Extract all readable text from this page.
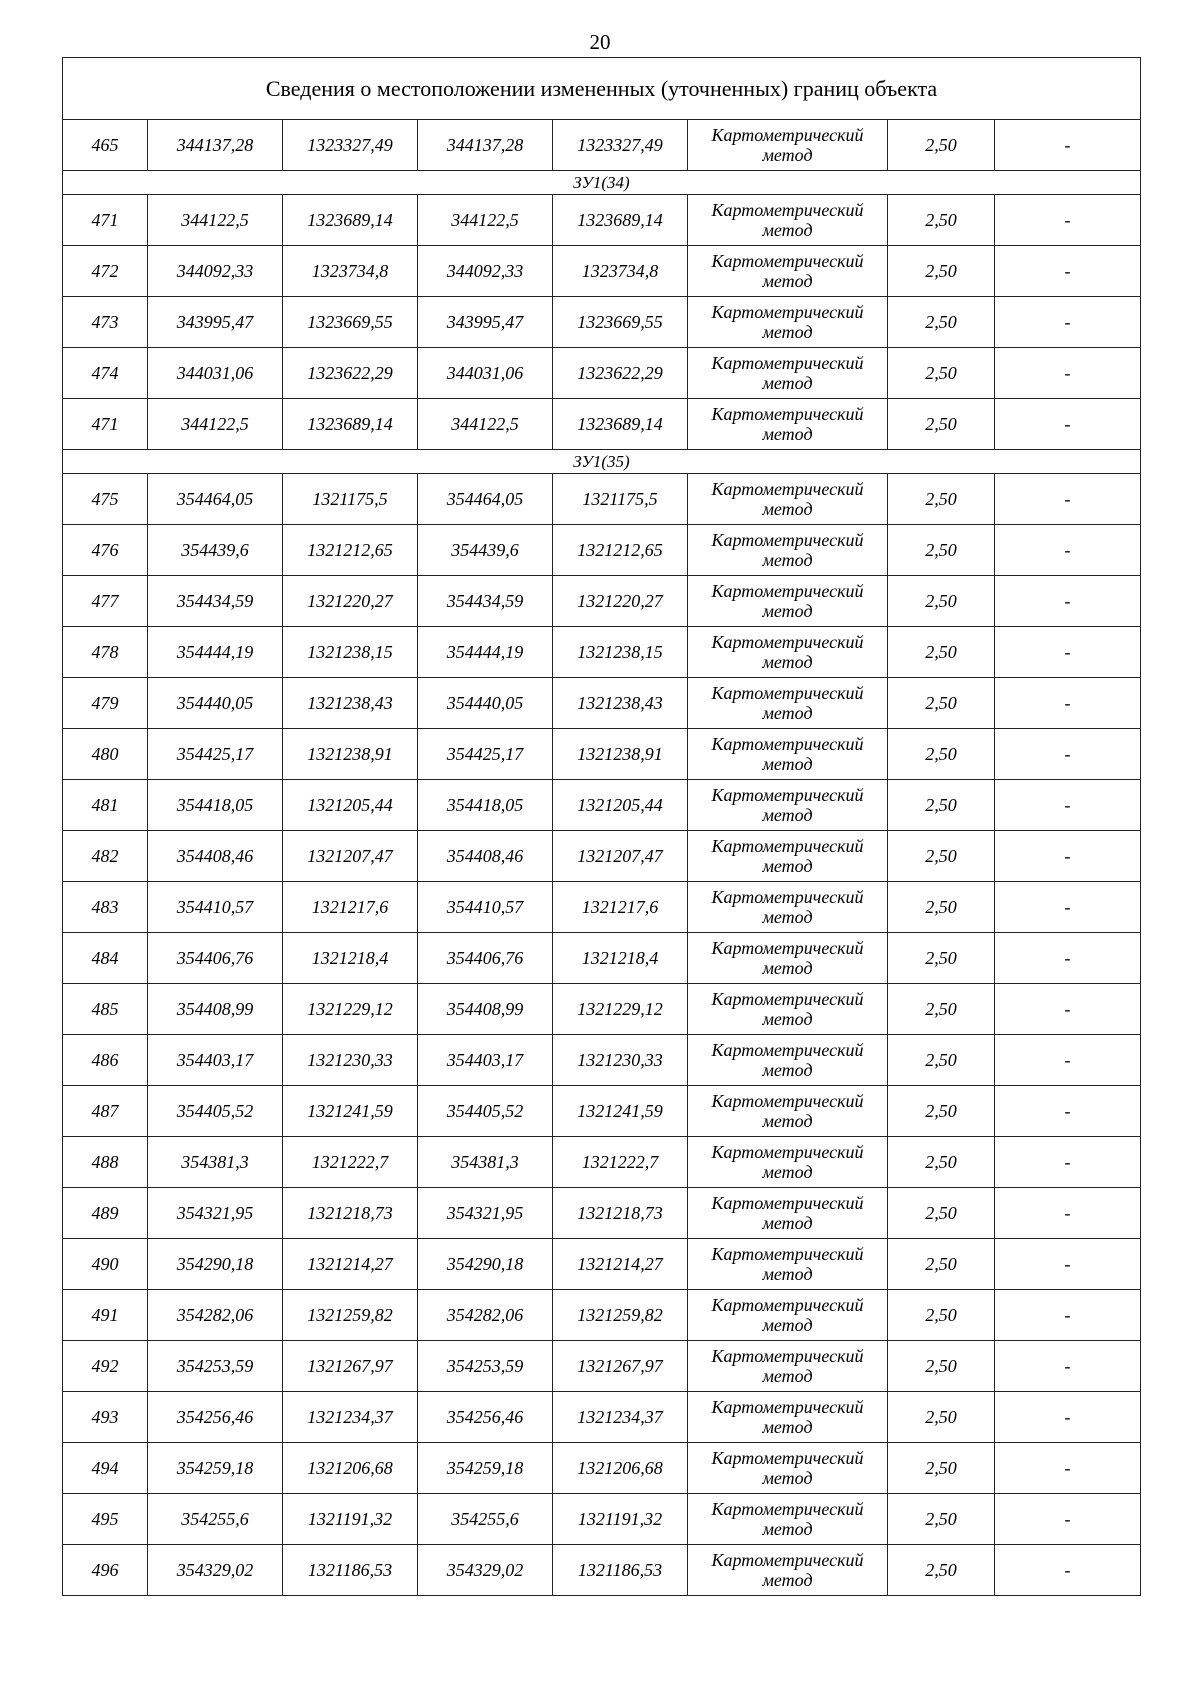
20
Сведения о местоположении измененных (уточненных) границ объекта							
465	344137,28	1323327,49	344137,28	1323327,49	Картометрический метод	2,50	-
ЗУ1(34)							
471	344122,5	1323689,14	344122,5	1323689,14	Картометрический метод	2,50	-
472	344092,33	1323734,8	344092,33	1323734,8	Картометрический метод	2,50	-
473	343995,47	1323669,55	343995,47	1323669,55	Картометрический метод	2,50	-
474	344031,06	1323622,29	344031,06	1323622,29	Картометрический метод	2,50	-
471	344122,5	1323689,14	344122,5	1323689,14	Картометрический метод	2,50	-
ЗУ1(35)							
475	354464,05	1321175,5	354464,05	1321175,5	Картометрический метод	2,50	-
476	354439,6	1321212,65	354439,6	1321212,65	Картометрический метод	2,50	-
477	354434,59	1321220,27	354434,59	1321220,27	Картометрический метод	2,50	-
478	354444,19	1321238,15	354444,19	1321238,15	Картометрический метод	2,50	-
479	354440,05	1321238,43	354440,05	1321238,43	Картометрический метод	2,50	-
480	354425,17	1321238,91	354425,17	1321238,91	Картометрический метод	2,50	-
481	354418,05	1321205,44	354418,05	1321205,44	Картометрический метод	2,50	-
482	354408,46	1321207,47	354408,46	1321207,47	Картометрический метод	2,50	-
483	354410,57	1321217,6	354410,57	1321217,6	Картометрический метод	2,50	-
484	354406,76	1321218,4	354406,76	1321218,4	Картометрический метод	2,50	-
485	354408,99	1321229,12	354408,99	1321229,12	Картометрический метод	2,50	-
486	354403,17	1321230,33	354403,17	1321230,33	Картометрический метод	2,50	-
487	354405,52	1321241,59	354405,52	1321241,59	Картометрический метод	2,50	-
488	354381,3	1321222,7	354381,3	1321222,7	Картометрический метод	2,50	-
489	354321,95	1321218,73	354321,95	1321218,73	Картометрический метод	2,50	-
490	354290,18	1321214,27	354290,18	1321214,27	Картометрический метод	2,50	-
491	354282,06	1321259,82	354282,06	1321259,82	Картометрический метод	2,50	-
492	354253,59	1321267,97	354253,59	1321267,97	Картометрический метод	2,50	-
493	354256,46	1321234,37	354256,46	1321234,37	Картометрический метод	2,50	-
494	354259,18	1321206,68	354259,18	1321206,68	Картометрический метод	2,50	-
495	354255,6	1321191,32	354255,6	1321191,32	Картометрический метод	2,50	-
496	354329,02	1321186,53	354329,02	1321186,53	Картометрический метод	2,50	-
